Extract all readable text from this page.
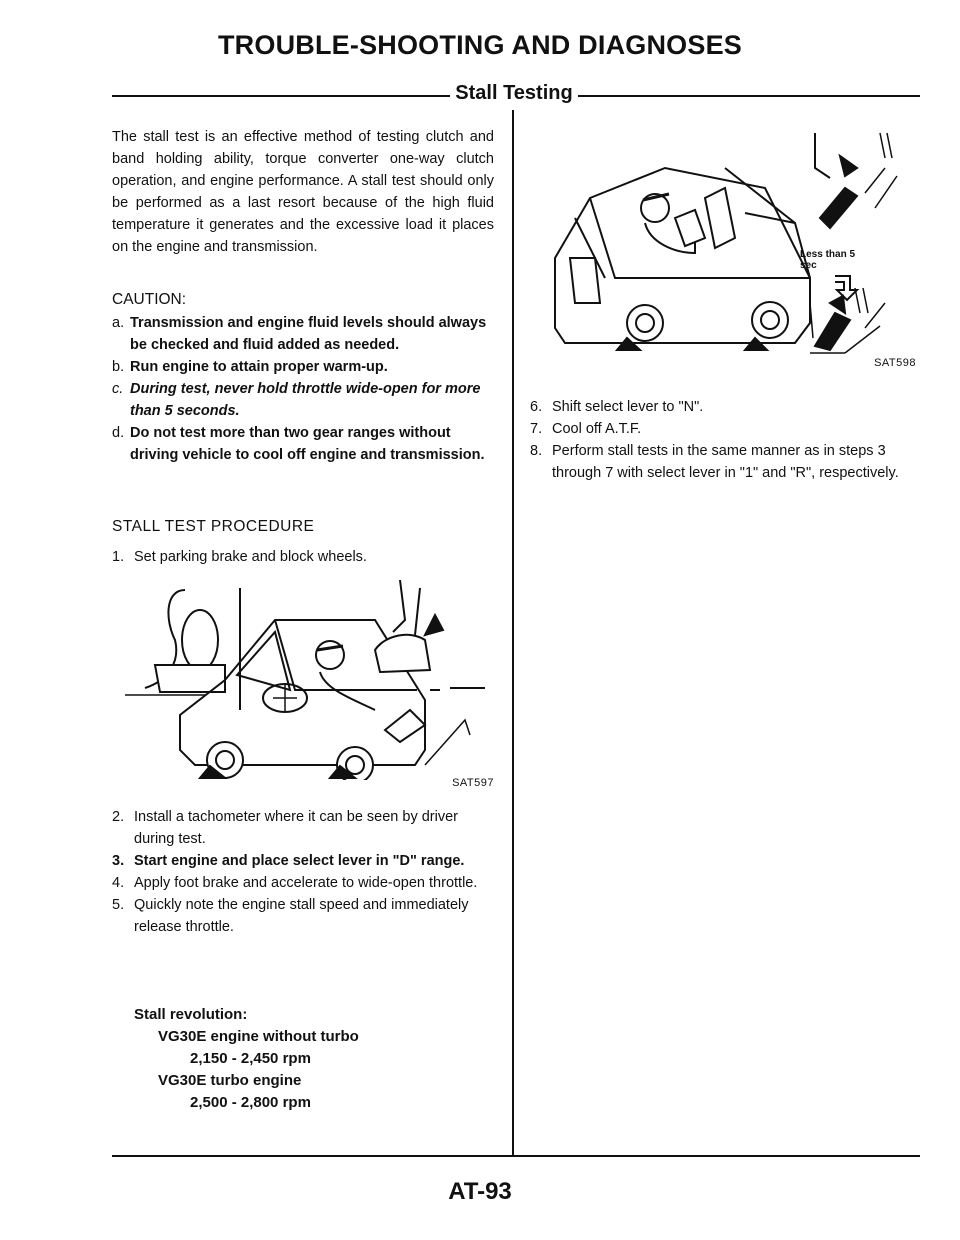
TROUBLE-SHOOTING AND DIAGNOSES
Stall Testing
The stall test is an effective method of testing clutch and band holding ability, torque converter one-way clutch operation, and engine performance. A stall test should only be performed as a last resort because of the high fluid temperature it generates and the excessive load it places on the engine and transmission.
CAUTION:
a. Transmission and engine fluid levels should always be checked and fluid added as needed.
b. Run engine to attain proper warm-up.
c. During test, never hold throttle wide-open for more than 5 seconds.
d. Do not test more than two gear ranges without driving vehicle to cool off engine and transmission.
STALL TEST PROCEDURE
1. Set parking brake and block wheels.
SAT597
2. Install a tachometer where it can be seen by driver during test.
3. Start engine and place select lever in "D" range.
4. Apply foot brake and accelerate to wide-open throttle.
5. Quickly note the engine stall speed and immediately release throttle.
Stall revolution:
VG30E engine without turbo
2,150 - 2,450 rpm
VG30E turbo engine
2,500 - 2,800 rpm
Less than 5 sec
SAT598
6. Shift select lever to "N".
7. Cool off A.T.F.
8. Perform stall tests in the same manner as in steps 3 through 7 with select lever in "1" and "R", respectively.
AT-93
